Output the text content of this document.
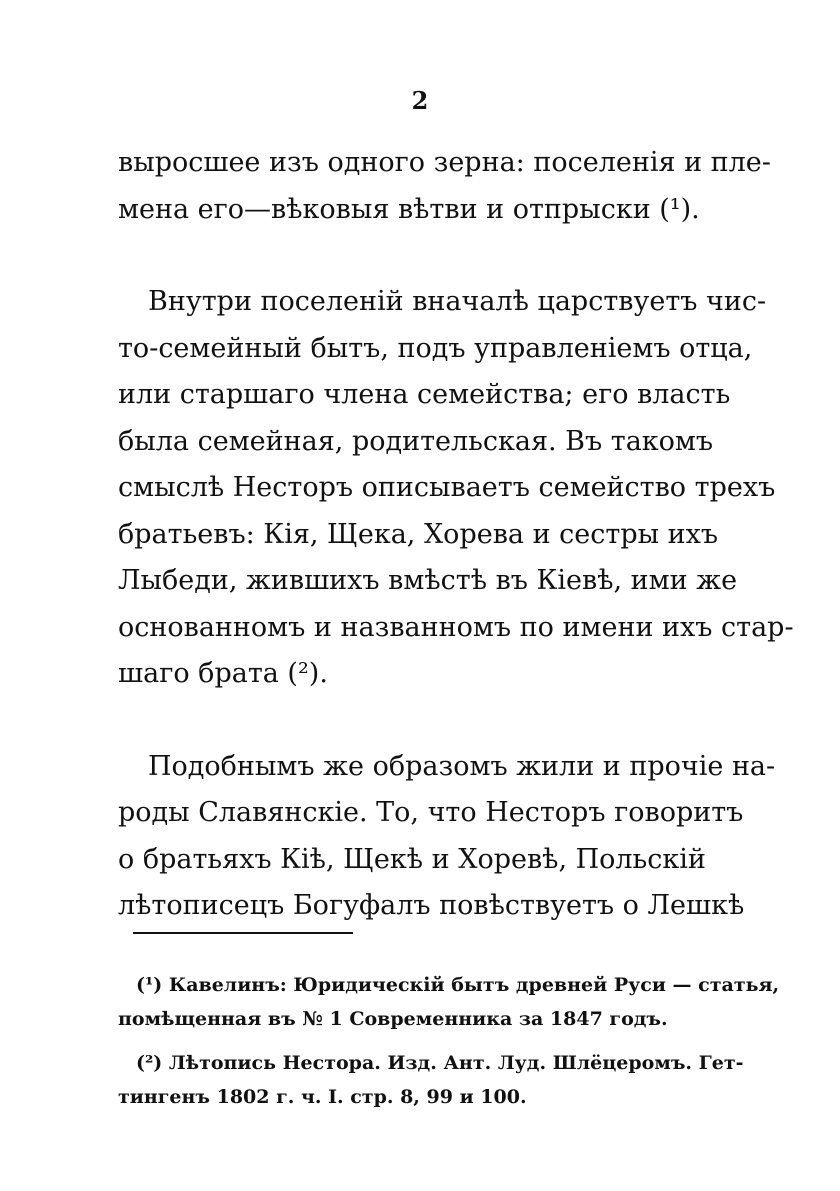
2
выросшее изъ одного зерна: поселенія и пле-
мена его—вѣковыя вѣтви и отпрыски (¹).
Внутри поселеній вначалѣ царствуетъ чис-
то-семейный бытъ, подъ управленіемъ отца,
или старшаго члена семейства; его власть
была семейная, родительская. Въ такомъ
смыслѣ Несторъ описываетъ семейство трехъ
братьевъ: Кія, Щека, Хорева и сестры ихъ
Лыбеди, жившихъ вмѣстѣ въ Кіевѣ, ими же
основанномъ и названномъ по имени ихъ стар-
шаго брата (²).
Подобнымъ же образомъ жили и прочіе на-
роды Славянскіе. То, что Несторъ говоритъ
о братьяхъ Кіѣ, Щекѣ и Хоревѣ, Польскій
лѣтописецъ Богуфалъ повѣствуетъ о Лешкѣ
(¹) Кавелинъ: Юридическій бытъ древней Руси — статья,
помѣщенная въ № 1 Современника за 1847 годъ.
(²) Лѣтопись Нестора. Изд. Ант. Луд. Шлёцеромъ. Гет-
тингенъ 1802 г. ч. I. стр. 8, 99 и 100.
